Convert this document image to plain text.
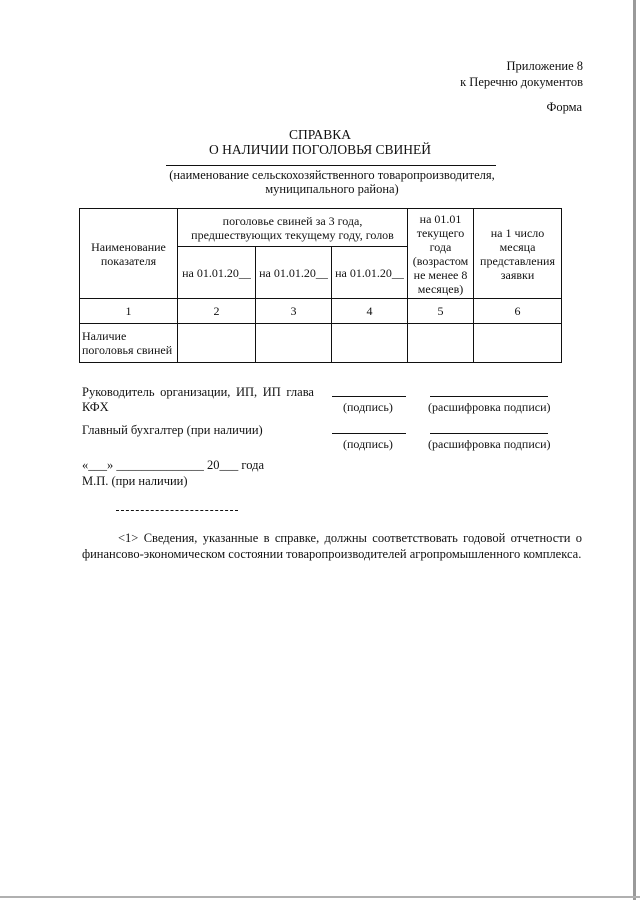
Приложение 8
к Перечню документов
Форма
СПРАВКА
О НАЛИЧИИ ПОГОЛОВЬЯ СВИНЕЙ
(наименование сельскохозяйственного товаропроизводителя,
муниципального района)
Наименование показателя	поголовье свиней за 3 года, предшествующих текущему году, голов			на 01.01 текущего года (возрастом не менее 8 месяцев)	на 1 число месяца представления заявки
	на 01.01.20__	на 01.01.20__	на 01.01.20__		
1	2	3	4	5	6
Наличие поголовья свиней					
Руководитель организации, ИП, ИП глава
КФХ	(подпись)	(расшифровка подписи)
Главный бухгалтер (при наличии)
(подпись)	(расшифровка подписи)
«___» ______________ 20___ года
М.П. (при наличии)
<1> Сведения, указанные в справке, должны соответствовать годовой отчетности о финансово-экономическом состоянии товаропроизводителей агропромышленного комплекса.
